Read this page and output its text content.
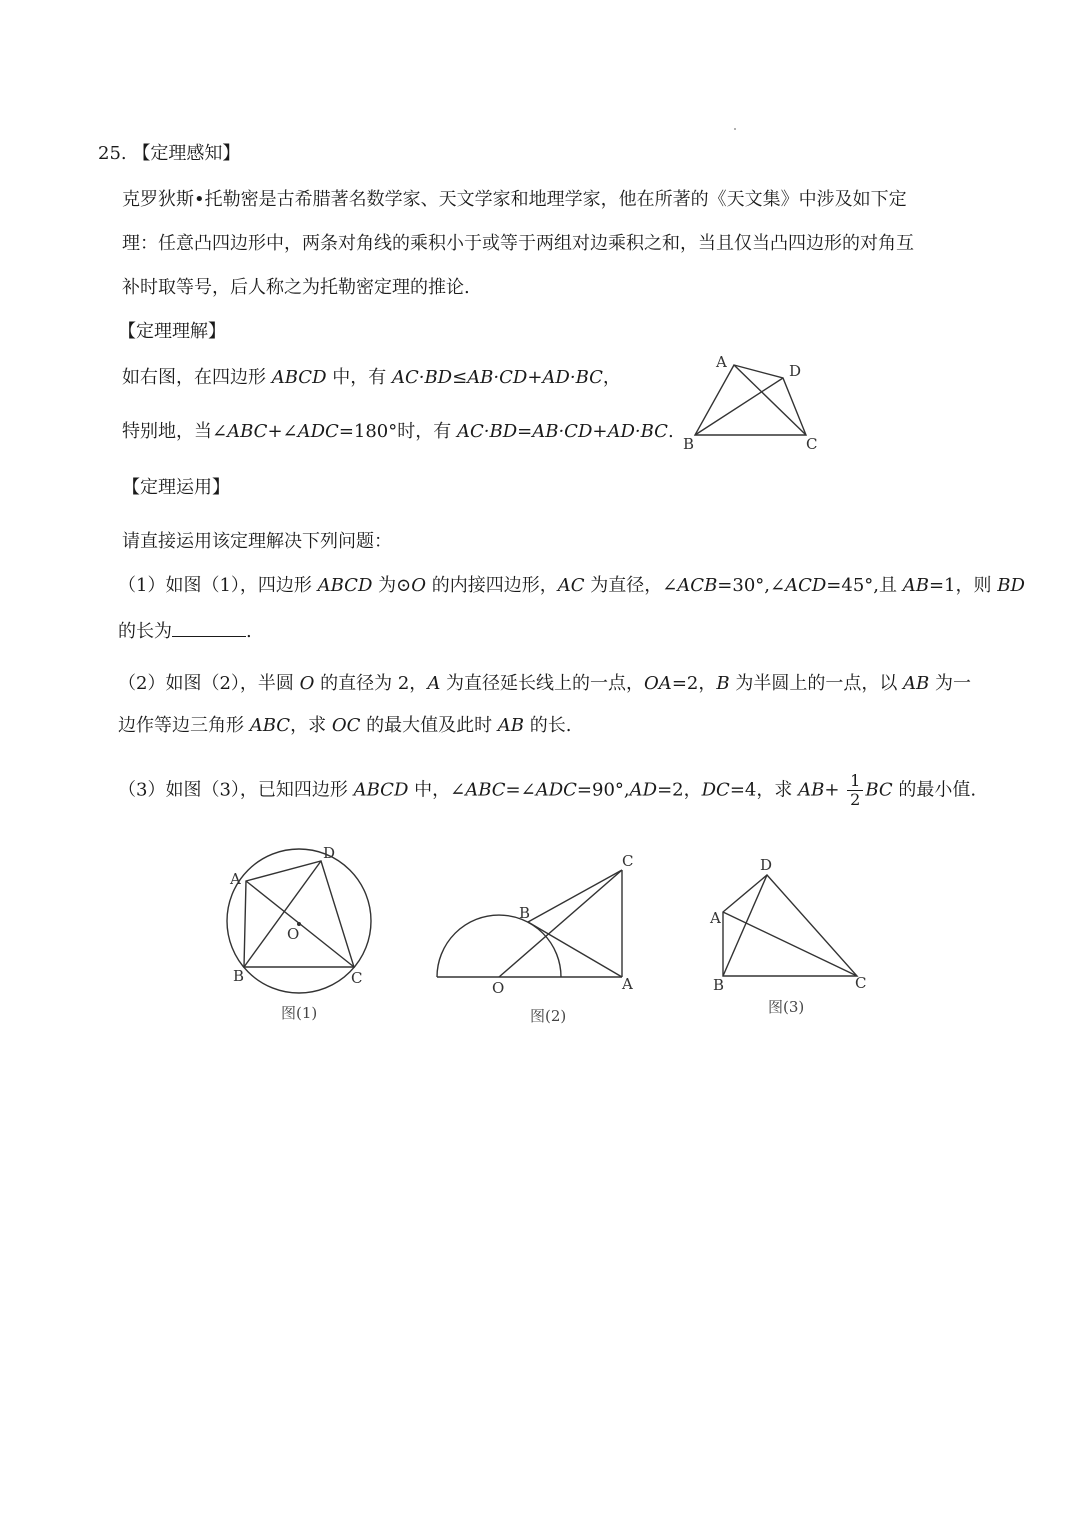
25. 【定理感知】
克罗狄斯•托勒密是古希腊著名数学家、天文学家和地理学家，他在所著的《天文集》中涉及如下定
理：任意凸四边形中，两条对角线的乘积小于或等于两组对边乘积之和，当且仅当凸四边形的对角互
补时取等号，后人称之为托勒密定理的推论.
【定理理解】
如右图，在四边形 ABCD 中，有 AC·BD≤AB·CD+AD·BC，
特别地，当∠ABC+∠ADC=180°时，有 AC·BD=AB·CD+AD·BC.
A	D
B	C
【定理运用】
请直接运用该定理解决下列问题：
（1）如图（1），四边形 ABCD 为⊙O 的内接四边形，AC 为直径，∠ACB=30°,∠ACD=45°,且 AB=1，则 BD
的长为	.
（2）如图（2），半圆 O 的直径为 2，A 为直径延长线上的一点，OA=2，B 为半圆上的一点，以 AB 为一
边作等边三角形 ABC，求 OC 的最大值及此时 AB 的长.
（3）如图（3），已知四边形 ABCD 中，∠ABC=∠ADC=90°,AD=2，DC=4，求 $AB+ \frac{1}{2}$ BC 的最小值.
A
D
O
B	C
图(1)
O
B
C
A
图(2)
D
A
B	C
图(3)
